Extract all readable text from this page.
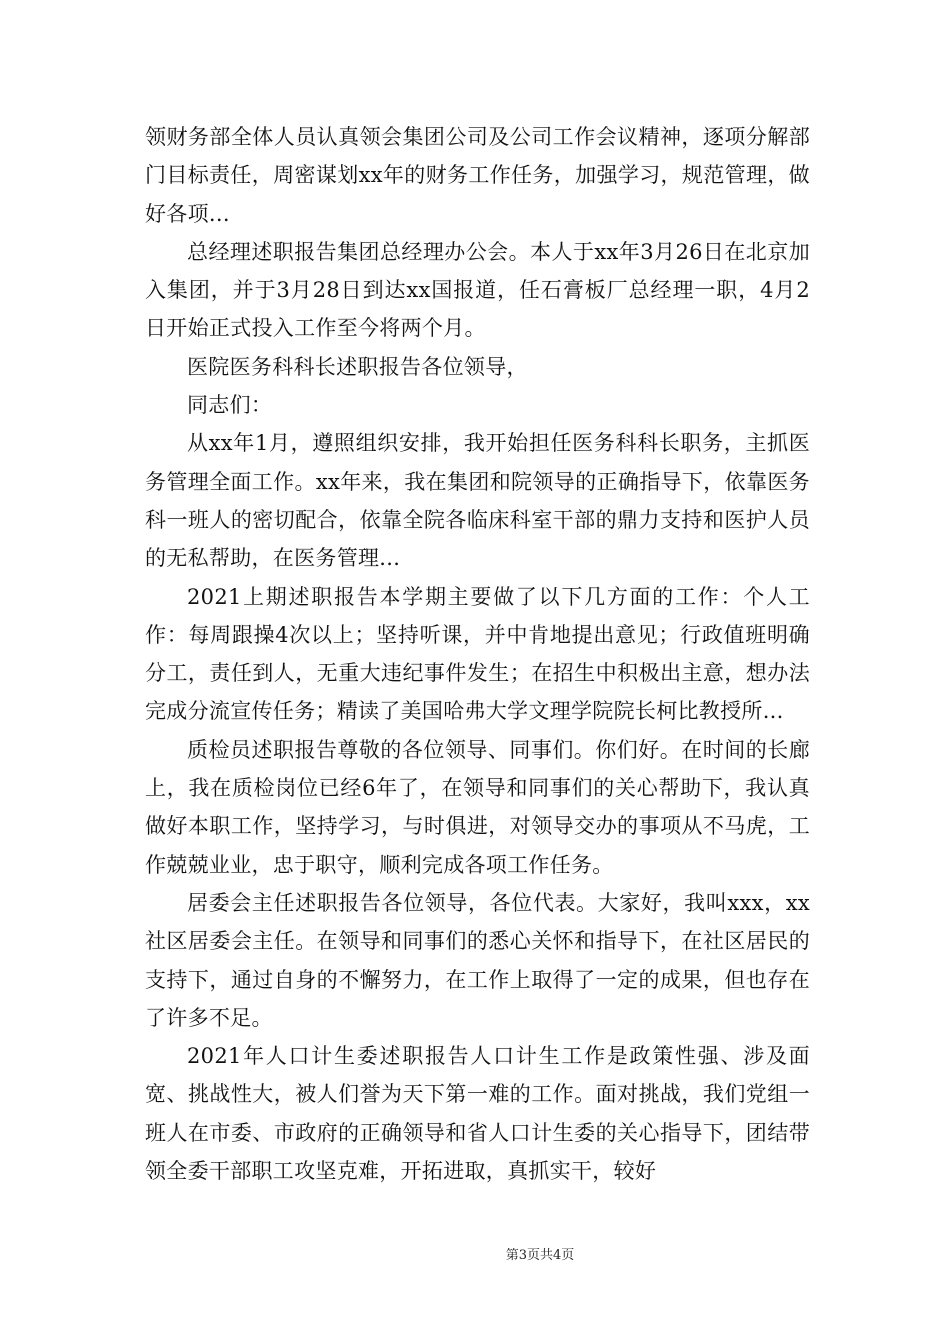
领财务部全体人员认真领会集团公司及公司工作会议精神，逐项分解部门目标责任，周密谋划xx年的财务工作任务，加强学习，规范管理，做好各项...

总经理述职报告集团总经理办公会。本人于xx年3月26日在北京加入集团，并于3月28日到达xx国报道，任石膏板厂总经理一职，4月2日开始正式投入工作至今将两个月。

医院医务科科长述职报告各位领导，

同志们：

从xx年1月，遵照组织安排，我开始担任医务科科长职务，主抓医务管理全面工作。xx年来，我在集团和院领导的正确指导下，依靠医务科一班人的密切配合，依靠全院各临床科室干部的鼎力支持和医护人员的无私帮助，在医务管理...

2021上期述职报告本学期主要做了以下几方面的工作：个人工作：每周跟操4次以上；坚持听课，并中肯地提出意见；行政值班明确分工，责任到人，无重大违纪事件发生；在招生中积极出主意，想办法完成分流宣传任务；精读了美国哈弗大学文理学院院长柯比教授所...

质检员述职报告尊敬的各位领导、同事们。你们好。在时间的长廊上，我在质检岗位已经6年了，在领导和同事们的关心帮助下，我认真做好本职工作，坚持学习，与时俱进，对领导交办的事项从不马虎，工作兢兢业业，忠于职守，顺利完成各项工作任务。

居委会主任述职报告各位领导，各位代表。大家好，我叫xxx，xx社区居委会主任。在领导和同事们的悉心关怀和指导下，在社区居民的支持下，通过自身的不懈努力，在工作上取得了一定的成果，但也存在了许多不足。

2021年人口计生委述职报告人口计生工作是政策性强、涉及面宽、挑战性大，被人们誉为天下第一难的工作。面对挑战，我们党组一班人在市委、市政府的正确领导和省人口计生委的关心指导下，团结带领全委干部职工攻坚克难，开拓进取，真抓实干，较好

第3页共4页
